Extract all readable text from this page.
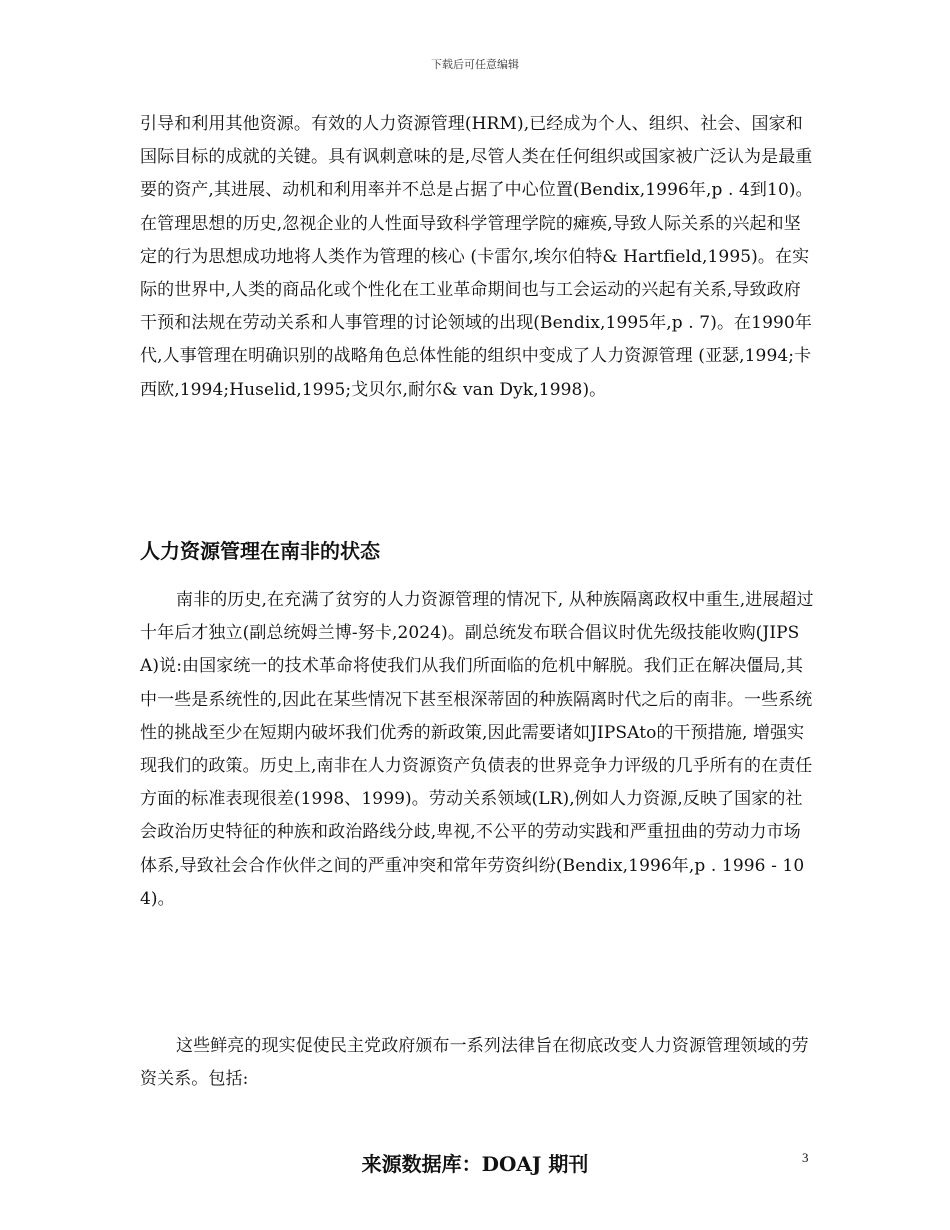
下载后可任意编辑

引导和利用其他资源。有效的人力资源管理(HRM),已经成为个人、组织、社会、国家和国际目标的成就的关键。具有讽刺意味的是,尽管人类在任何组织或国家被广泛认为是最重要的资产,其进展、动机和利用率并不总是占据了中心位置(Bendix,1996年,p . 4到10)。在管理思想的历史,忽视企业的人性面导致科学管理学院的瘫痪,导致人际关系的兴起和坚定的行为思想成功地将人类作为管理的核心 (卡雷尔,埃尔伯特& Hartfield,1995)。在实际的世界中,人类的商品化或个性化在工业革命期间也与工会运动的兴起有关系,导致政府干预和法规在劳动关系和人事管理的讨论领域的出现(Bendix,1995年,p . 7)。在1990年代,人事管理在明确识别的战略角色总体性能的组织中变成了人力资源管理 (亚瑟,1994;卡西欧,1994;Huselid,1995;戈贝尔,耐尔& van Dyk,1998)。

人力资源管理在南非的状态

南非的历史,在充满了贫穷的人力资源管理的情况下, 从种族隔离政权中重生,进展超过十年后才独立(副总统姆兰博-努卡,2024)。副总统发布联合倡议时优先级技能收购(JIPSA)说:由国家统一的技术革命将使我们从我们所面临的危机中解脱。我们正在解决僵局,其中一些是系统性的,因此在某些情况下甚至根深蒂固的种族隔离时代之后的南非。一些系统性的挑战至少在短期内破坏我们优秀的新政策,因此需要诸如JIPSAto的干预措施, 增强实现我们的政策。历史上,南非在人力资源资产负债表的世界竞争力评级的几乎所有的在责任方面的标准表现很差(1998、1999)。劳动关系领域(LR),例如人力资源,反映了国家的社会政治历史特征的种族和政治路线分歧,卑视,不公平的劳动实践和严重扭曲的劳动力市场体系,导致社会合作伙伴之间的严重冲突和常年劳资纠纷(Bendix,1996年,p . 1996 - 104)。

这些鲜亮的现实促使民主党政府颁布一系列法律旨在彻底改变人力资源管理领域的劳资关系。包括:

来源数据库：DOAJ 期刊	3
